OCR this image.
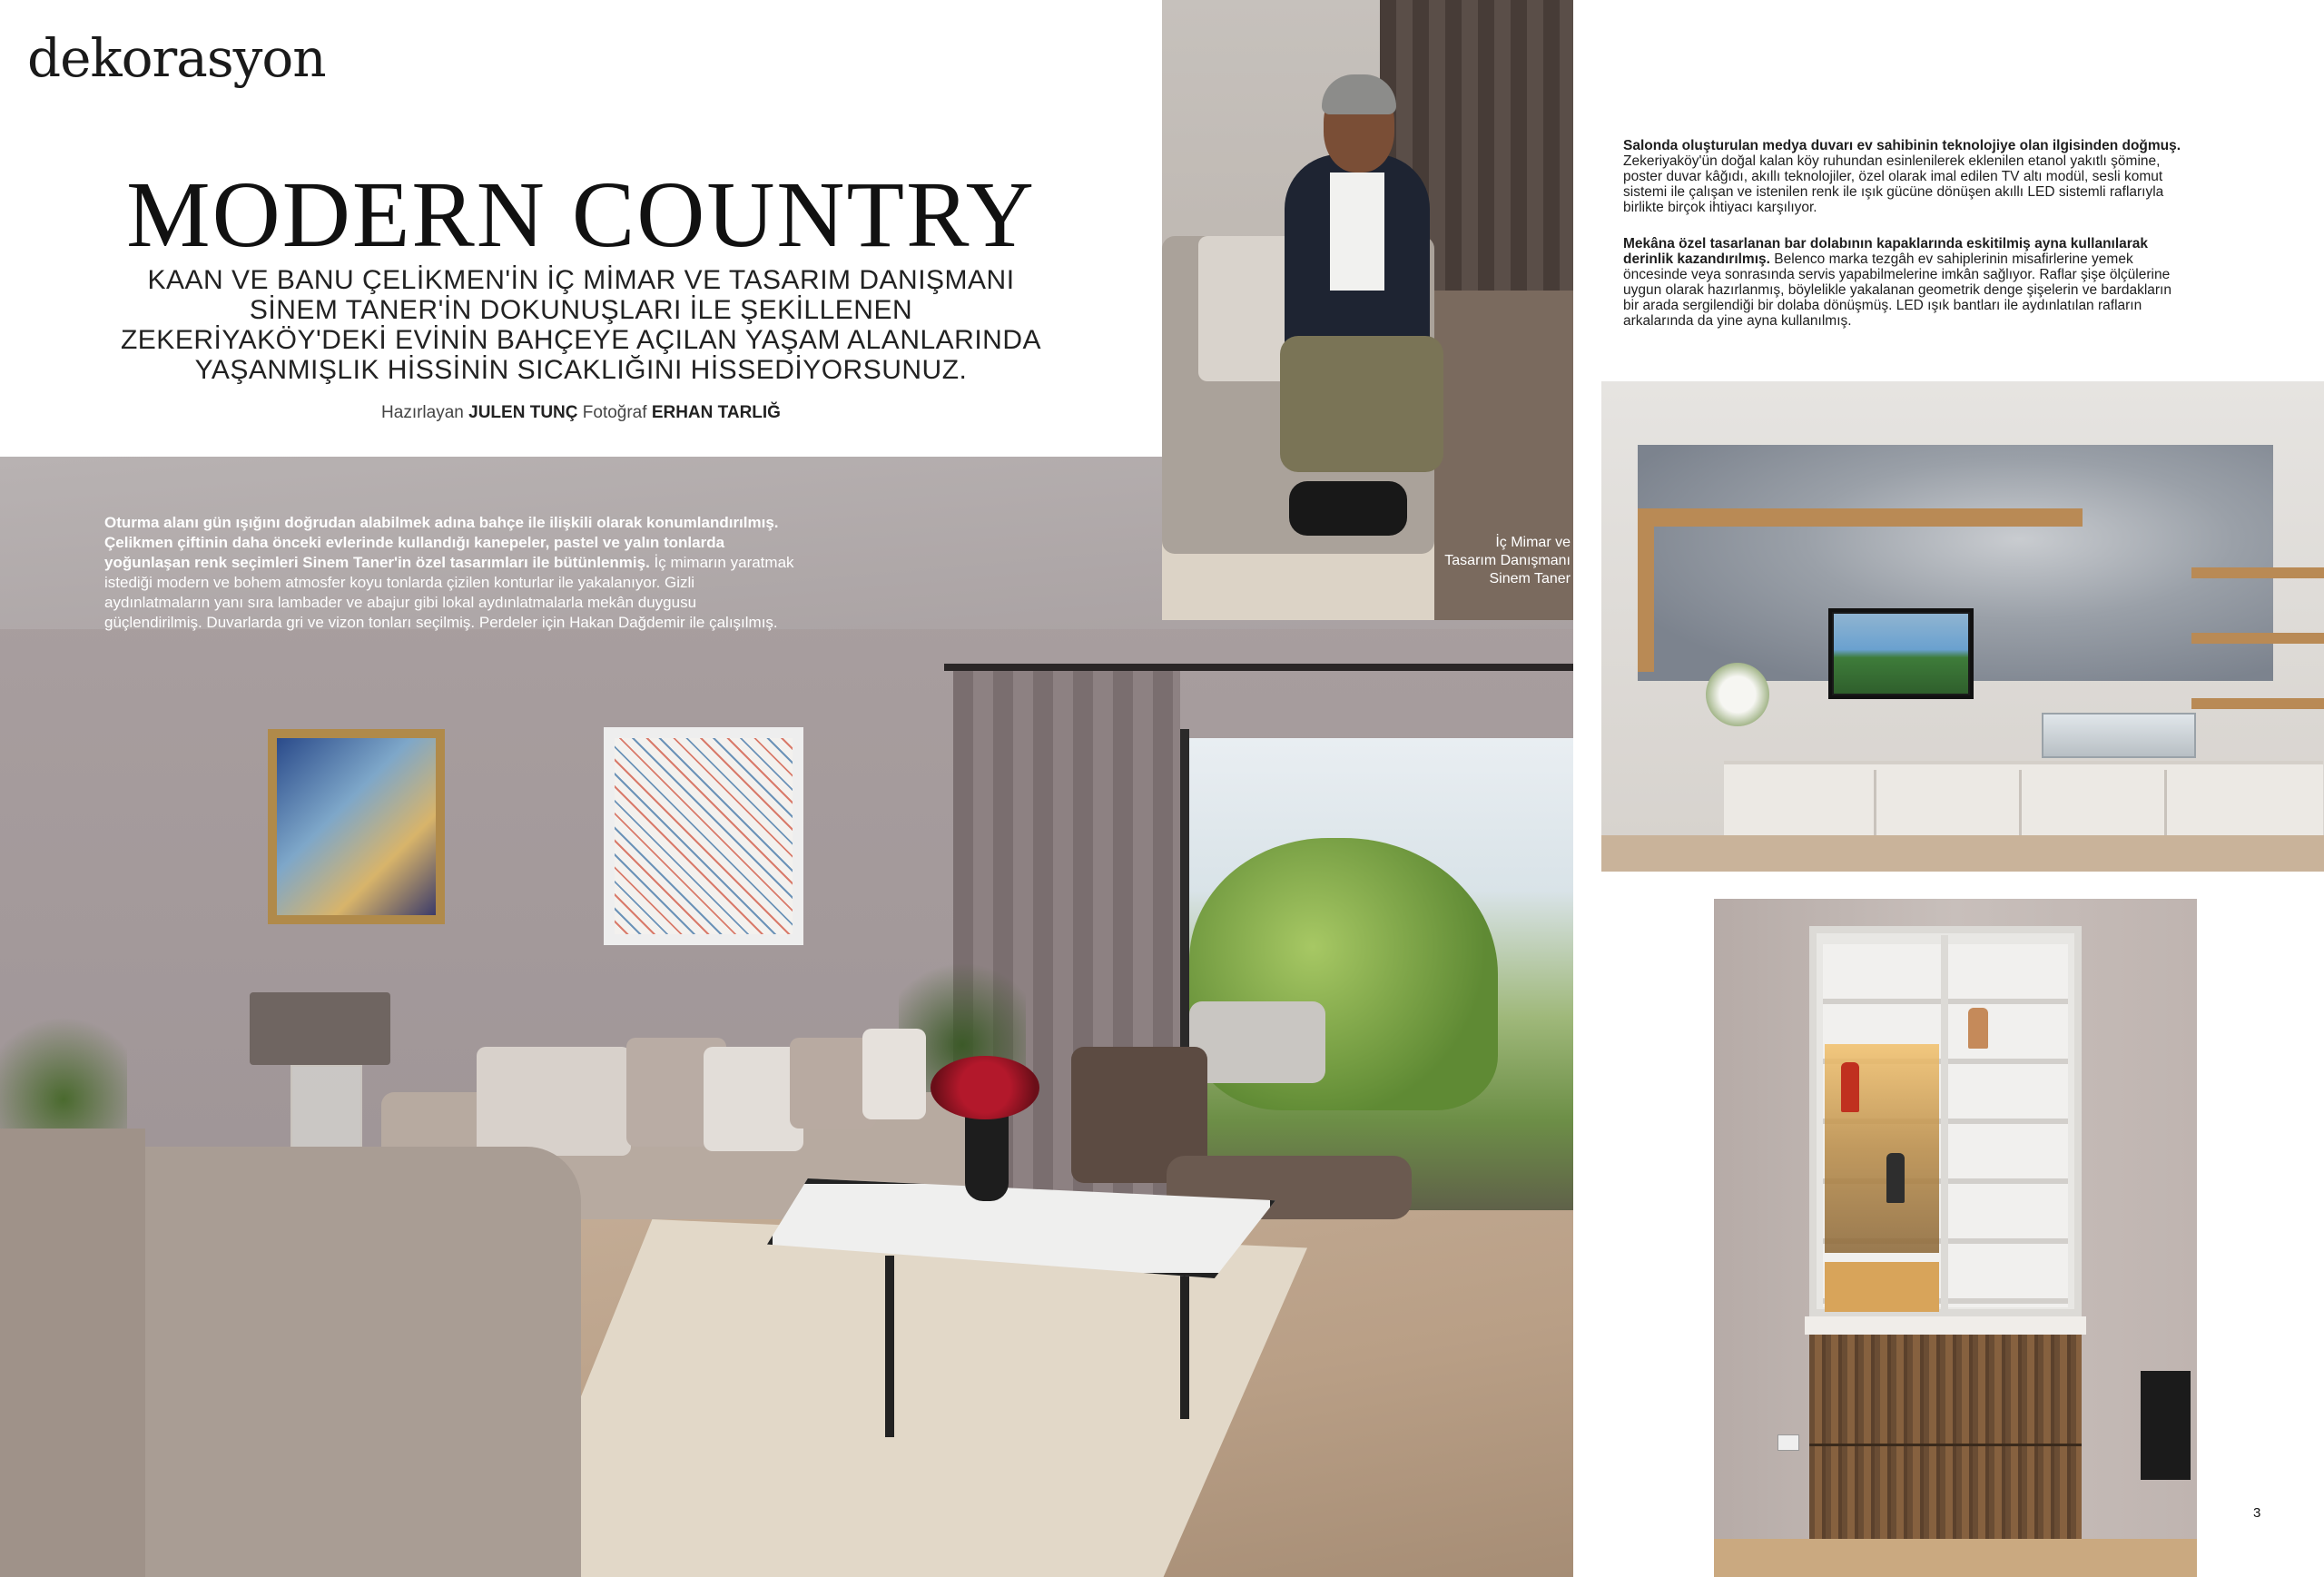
dekorasyon
MODERN COUNTRY
KAAN VE BANU ÇELİKMEN'İN İÇ MİMAR VE TASARIM DANIŞMANI SİNEM TANER'İN DOKUNUŞLARI İLE ŞEKİLLENEN ZEKERİYAKÖY'DEKİ EVİNİN BAHÇEYE AÇILAN YAŞAM ALANLARINDA YAŞANMIŞLIK HİSSİNİN SICAKLIĞINI HİSSEDİYORSUNUZ.
Hazırlayan JULEN TUNÇ Fotoğraf ERHAN TARLIĞ
Oturma alanı gün ışığını doğrudan alabilmek adına bahçe ile ilişkili olarak konumlandırılmış. Çelikmen çiftinin daha önceki evlerinde kullandığı kanepeler, pastel ve yalın tonlarda yoğunlaşan renk seçimleri Sinem Taner'in özel tasarımları ile bütünlenmiş. İç mimarın yaratmak istediği modern ve bohem atmosfer koyu tonlarda çizilen konturlar ile yakalanıyor. Gizli aydınlatmaların yanı sıra lambader ve abajur gibi lokal aydınlatmalarla mekân duygusu güçlendirilmiş. Duvarlarda gri ve vizon tonları seçilmiş. Perdeler için Hakan Dağdemir ile çalışılmış.
İç Mimar ve
Tasarım Danışmanı
Sinem Taner

Salonda oluşturulan medya duvarı ev sahibinin teknolojiye olan ilgisinden doğmuş. Zekeriyaköy'ün doğal kalan köy ruhundan esinlenilerek eklenilen etanol yakıtlı şömine, poster duvar kâğıdı, akıllı teknolojiler, özel olarak imal edilen TV altı modül, sesli komut sistemi ile çalışan ve istenilen renk ile ışık gücüne dönüşen akıllı LED sistemli raflarıyla birlikte birçok ihtiyacı karşılıyor.

Mekâna özel tasarlanan bar dolabının kapaklarında eskitilmiş ayna kullanılarak derinlik kazandırılmış. Belenco marka tezgâh ev sahiplerinin misafirlerine yemek öncesinde veya sonrasında servis yapabilmelerine imkân sağlıyor. Raflar şişe ölçülerine uygun olarak hazırlanmış, böylelikle yakalanan geometrik denge şişelerin ve bardakların bir arada sergilendiği bir dolaba dönüşmüş. LED ışık bantları ile aydınlatılan rafların arkalarında da yine ayna kullanılmış.

3
